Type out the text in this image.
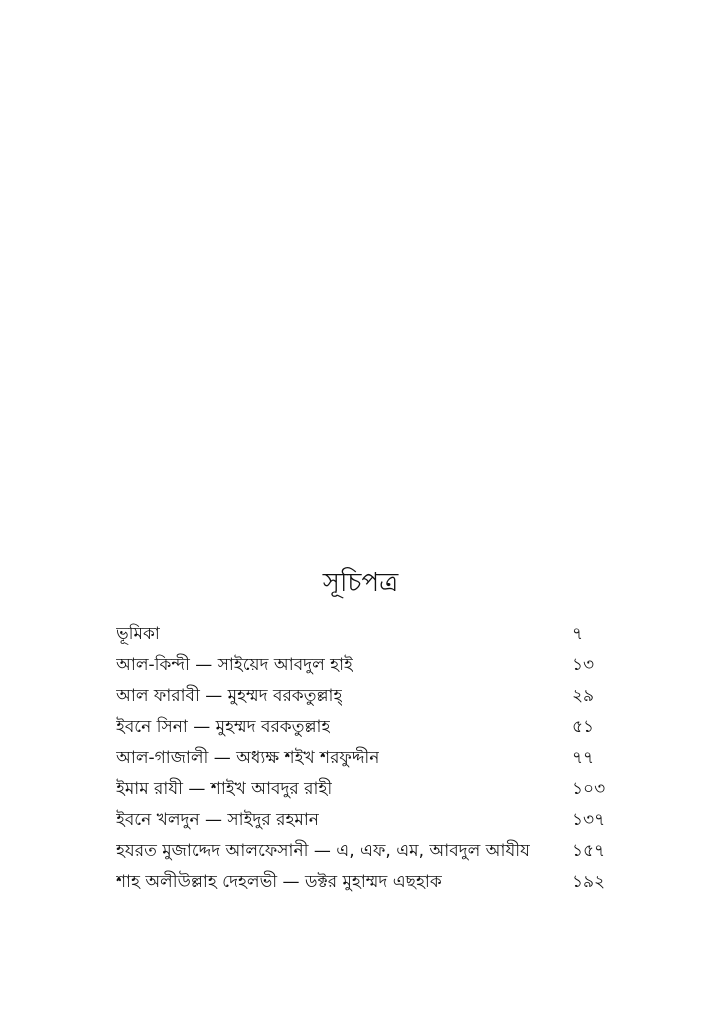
সূচিপত্র
ভূমিকা	৭
আল-কিন্দী — সাইয়েদ আবদুল হাই	১৩
আল ফারাবী — মুহম্মদ বরকতুল্লাহ্	২৯
ইবনে সিনা — মুহম্মদ বরকতুল্লাহ	৫১
আল-গাজালী — অধ্যক্ষ শইখ শরফুদ্দীন	৭৭
ইমাম রাযী — শাইখ আবদুর রাহী	১০৩
ইবনে খলদুন — সাইদুর রহমান	১৩৭
হযরত মুজাদ্দেদ আলফেসানী — এ, এফ, এম, আবদুল আযীয ১৫৭
শাহ অলীউল্লাহ দেহলভী — ডক্টর মুহাম্মদ এছহাক	১৯২
